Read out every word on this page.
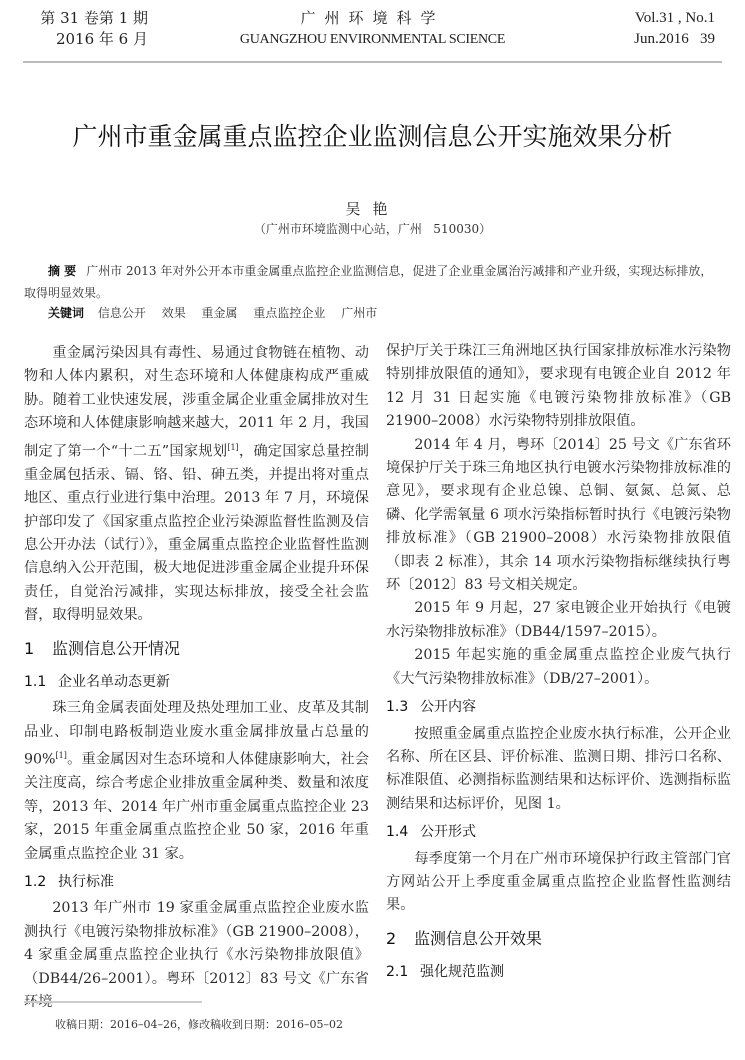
第 31 卷第 1 期
2016 年 6 月
广州环境科学
GUANGZHOU ENVIRONMENTAL SCIENCE
Vol.31 , No.1
Jun.2016   39
广州市重金属重点监控企业监测信息公开实施效果分析
吴艳
（广州市环境监测中心站，广州   510030）
摘 要 广州市 2013 年对外公开本市重金属重点监控企业监测信息，促进了企业重金属治污减排和产业升级，实现达标排放，取得明显效果。
关键词 信息公开 效果 重金属 重点监控企业 广州市

重金属污染因具有毒性、易通过食物链在植物、动物和人体内累积，对生态环境和人体健康构成严重威胁。随着工业快速发展，涉重金属企业重金属排放对生态环境和人体健康影响越来越大，2011 年 2 月，我国制定了第一个“十二五”国家规划[1]，确定国家总量控制重金属包括汞、镉、铬、铅、砷五类，并提出将对重点地区、重点行业进行集中治理。2013 年 7 月，环境保护部印发了《国家重点监控企业污染源监督性监测及信息公开办法（试行）》，重金属重点监控企业监督性监测信息纳入公开范围，极大地促进涉重金属企业提升环保责任，自觉治污减排，实现达标排放，接受全社会监督，取得明显效果。

1 监测信息公开情况
1.1 企业名单动态更新

珠三角金属表面处理及热处理加工业、皮革及其制品业、印制电路板制造业废水重金属排放量占总量的 90%[1]。重金属因对生态环境和人体健康影响大，社会关注度高，综合考虑企业排放重金属种类、数量和浓度等，2013 年、2014 年广州市重金属重点监控企业 23 家，2015 年重金属重点监控企业 50 家，2016 年重金属重点监控企业 31 家。

1.2 执行标准

2013 年广州市 19 家重金属重点监控企业废水监测执行《电镀污染物排放标准》（GB 21900–2008），4 家重金属重点监控企业执行《水污染物排放限值》（DB44/26–2001）。粤环〔2012〕83 号文《广东省

保护厅关于珠江三角洲地区执行国家排放标准水污染物特别排放限值的通知》，要求现有电镀企业自 2012 年 12 月 31 日起实施《电镀污染物排放标准》（GB 21900–2008）水污染物特别排放限值。

2014 年 4 月，粤环〔2014〕25 号文《广东省环境保护厅关于珠三角地区执行电镀水污染物排放标准的意见》，要求现有企业总镍、总铜、氨氮、总氮、总磷、化学需氧量 6 项水污染指标暂时执行《电镀污染物排放标准》（GB 21900–2008）水污染物排放限值（即表 2 标准），其余 14 项水污染物指标继续执行粤环〔2012〕83 号文相关规定。

2015 年 9 月起，27 家电镀企业开始执行《电镀水污染物排放标准》（DB44/1597–2015）。

2015 年起实施的重金属重点监控企业废气执行《大气污染物排放标准》（DB/27–2001）。

1.3 公开内容

按照重金属重点监控企业废水执行标准，公开企业名称、所在区县、评价标准、监测日期、排污口名称、标准限值、必测指标监测结果和达标评价、选测指标监测结果和达标评价，见图 1。

1.4 公开形式

每季度第一个月在广州市环境保护行政主管部门官方网站公开上季度重金属重点监控企业监督性监测结果。

2 监测信息公开效果
2.1 强化规范监测
收稿日期：2016–04–26，修改稿收到日期：2016–05–02
